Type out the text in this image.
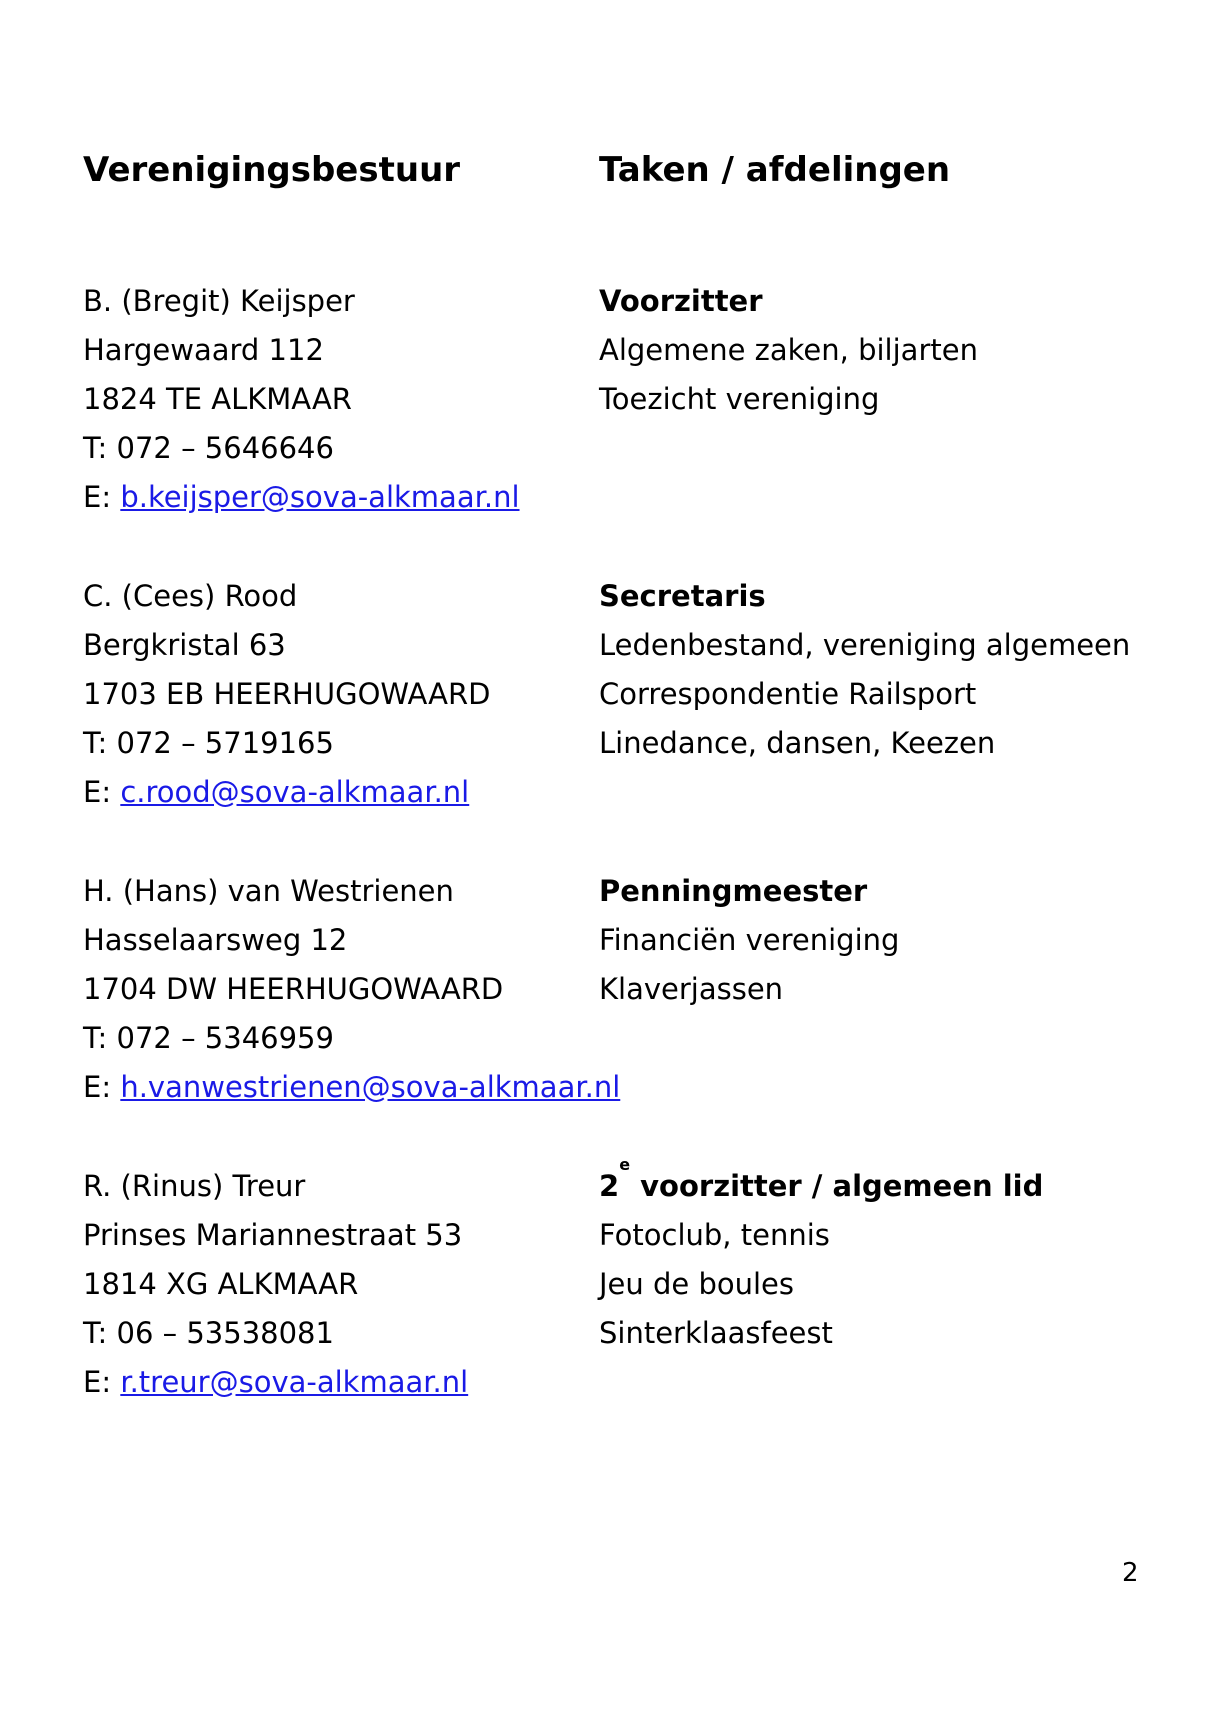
Verenigingsbestuur	Taken / afdelingen
B. (Bregit) Keijsper	Voorzitter
Hargewaard 112	Algemene zaken, biljarten
1824 TE ALKMAAR	Toezicht vereniging
T: 072 – 5646646
E: b.keijsper@sova-alkmaar.nl
C. (Cees) Rood	Secretaris
Bergkristal 63	Ledenbestand, vereniging algemeen
1703 EB HEERHUGOWAARD	Correspondentie Railsport
T: 072 – 5719165	Linedance, dansen, Keezen
E: c.rood@sova-alkmaar.nl
H. (Hans) van Westrienen	Penningmeester
Hasselaarsweg 12	Financiën vereniging
1704 DW HEERHUGOWAARD	Klaverjassen
T: 072 – 5346959
E: h.vanwestrienen@sova-alkmaar.nl
R. (Rinus) Treur	2e voorzitter / algemeen lid
Prinses Mariannestraat 53	Fotoclub, tennis
1814 XG ALKMAAR	Jeu de boules
T: 06 – 53538081	Sinterklaasfeest
E: r.treur@sova-alkmaar.nl
2
